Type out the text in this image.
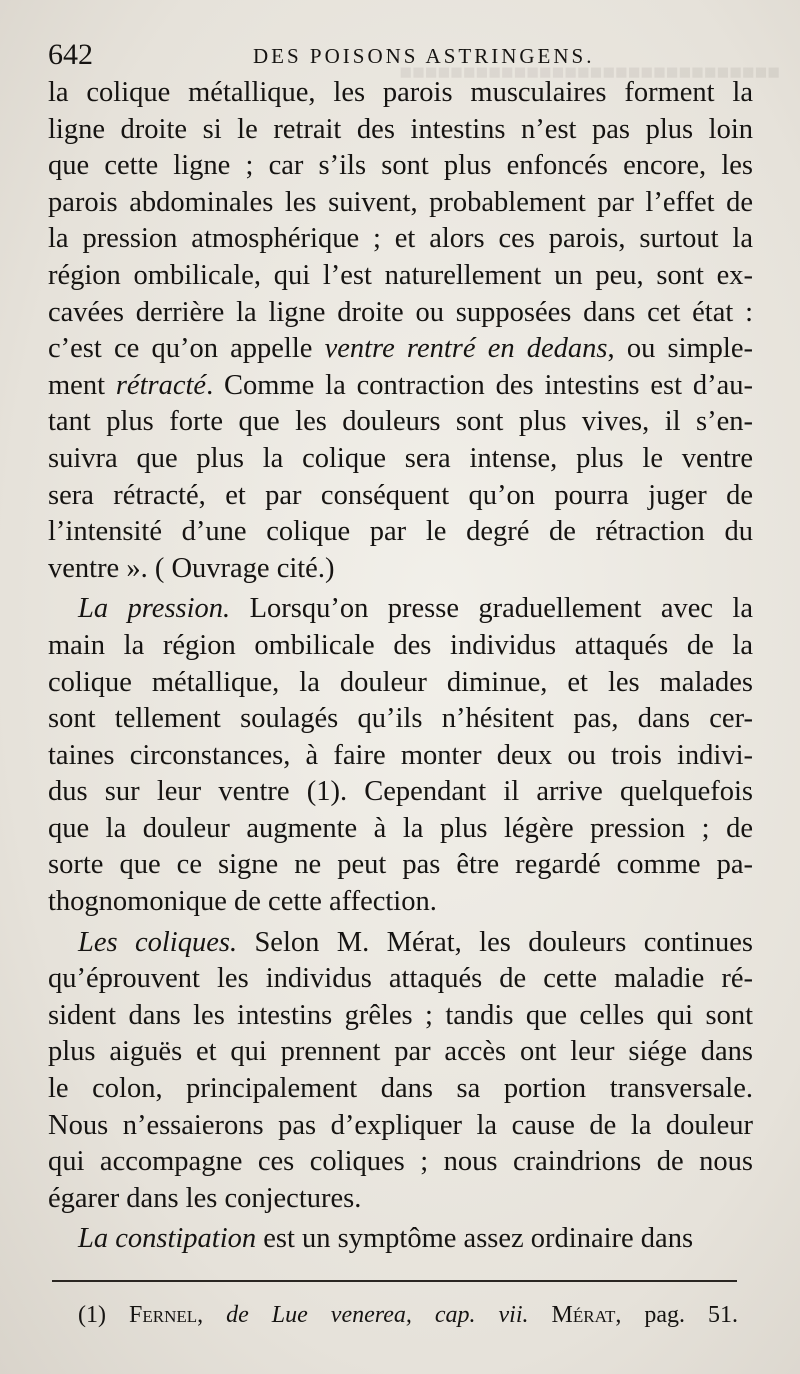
■■■■■■■■■■■■■■■■■■■■■■■■■■■■■■
642	DES POISONS ASTRINGENS.
la colique métallique, les parois musculaires forment la
ligne droite si le retrait des intestins n’est pas plus loin
que cette ligne ; car s’ils sont plus enfoncés encore, les
parois abdominales les suivent, probablement par l’effet de
la pression atmosphérique ; et alors ces parois, surtout la
région ombilicale, qui l’est naturellement un peu, sont ex-
cavées derrière la ligne droite ou supposées dans cet état :
c’est ce qu’on appelle ventre rentré en dedans, ou simple-
ment rétracté. Comme la contraction des intestins est d’au-
tant plus forte que les douleurs sont plus vives, il s’en-
suivra que plus la colique sera intense, plus le ventre
sera rétracté, et par conséquent qu’on pourra juger de
l’intensité d’une colique par le degré de rétraction du
ventre ». ( Ouvrage cité.)
La pression. Lorsqu’on presse graduellement avec la
main la région ombilicale des individus attaqués de la
colique métallique, la douleur diminue, et les malades
sont tellement soulagés qu’ils n’hésitent pas, dans cer-
taines circonstances, à faire monter deux ou trois indivi-
dus sur leur ventre (1). Cependant il arrive quelquefois
que la douleur augmente à la plus légère pression ; de
sorte que ce signe ne peut pas être regardé comme pa-
thognomonique de cette affection.
Les coliques. Selon M. Mérat, les douleurs continues
qu’éprouvent les individus attaqués de cette maladie ré-
sident dans les intestins grêles ; tandis que celles qui sont
plus aiguës et qui prennent par accès ont leur siége dans
le colon, principalement dans sa portion transversale.
Nous n’essaierons pas d’expliquer la cause de la douleur
qui accompagne ces coliques ; nous craindrions de nous
égarer dans les conjectures.
La constipation est un symptôme assez ordinaire dans
(1) Fernel, de Lue venerea, cap. vii. Mérat, pag. 51.
